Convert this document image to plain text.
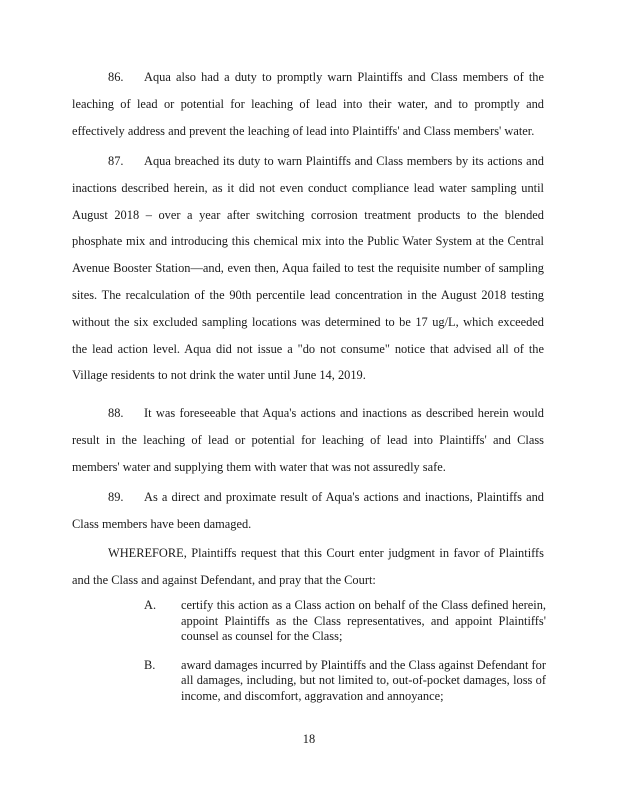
86. Aqua also had a duty to promptly warn Plaintiffs and Class members of the leaching of lead or potential for leaching of lead into their water, and to promptly and effectively address and prevent the leaching of lead into Plaintiffs' and Class members' water.

87. Aqua breached its duty to warn Plaintiffs and Class members by its actions and inactions described herein, as it did not even conduct compliance lead water sampling until August 2018 – over a year after switching corrosion treatment products to the blended phosphate mix and introducing this chemical mix into the Public Water System at the Central Avenue Booster Station—and, even then, Aqua failed to test the requisite number of sampling sites. The recalculation of the 90th percentile lead concentration in the August 2018 testing without the six excluded sampling locations was determined to be 17 ug/L, which exceeded the lead action level. Aqua did not issue a "do not consume" notice that advised all of the Village residents to not drink the water until June 14, 2019.

88. It was foreseeable that Aqua's actions and inactions as described herein would result in the leaching of lead or potential for leaching of lead into Plaintiffs' and Class members' water and supplying them with water that was not assuredly safe.

89. As a direct and proximate result of Aqua's actions and inactions, Plaintiffs and Class members have been damaged.

WHEREFORE, Plaintiffs request that this Court enter judgment in favor of Plaintiffs and the Class and against Defendant, and pray that the Court:

A. certify this action as a Class action on behalf of the Class defined herein, appoint Plaintiffs as the Class representatives, and appoint Plaintiffs' counsel as counsel for the Class;
B. award damages incurred by Plaintiffs and the Class against Defendant for all damages, including, but not limited to, out-of-pocket damages, loss of income, and discomfort, aggravation and annoyance;
18
